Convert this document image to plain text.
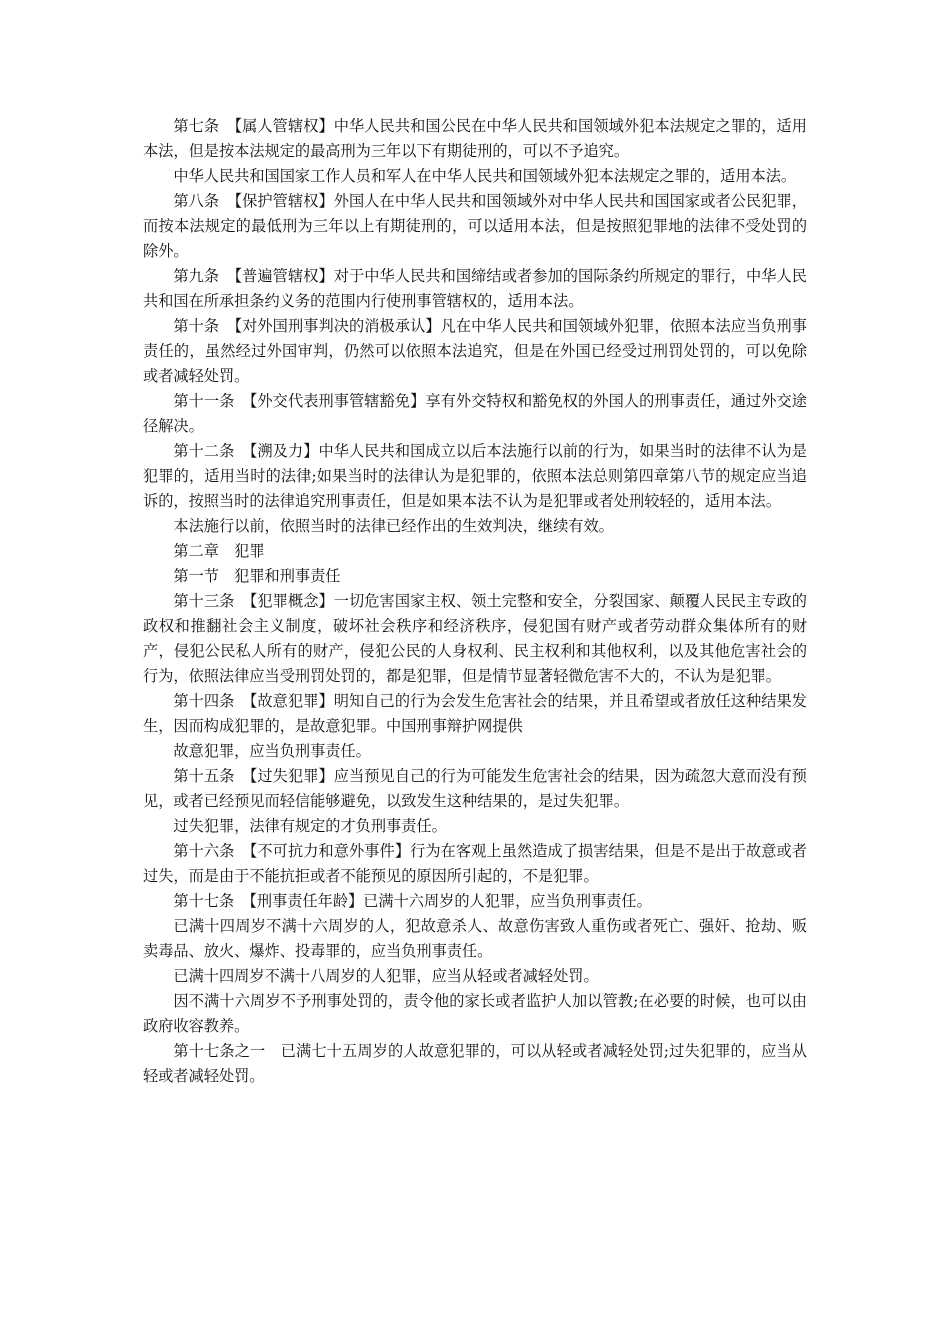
第七条　【属人管辖权】中华人民共和国公民在中华人民共和国领域外犯本法规定之罪的，适用本法，但是按本法规定的最高刑为三年以下有期徒刑的，可以不予追究。

中华人民共和国国家工作人员和军人在中华人民共和国领域外犯本法规定之罪的，适用本法。

第八条　【保护管辖权】外国人在中华人民共和国领域外对中华人民共和国国家或者公民犯罪，而按本法规定的最低刑为三年以上有期徒刑的，可以适用本法，但是按照犯罪地的法律不受处罚的除外。

第九条　【普遍管辖权】对于中华人民共和国缔结或者参加的国际条约所规定的罪行，中华人民共和国在所承担条约义务的范围内行使刑事管辖权的，适用本法。

第十条　【对外国刑事判决的消极承认】凡在中华人民共和国领域外犯罪，依照本法应当负刑事责任的，虽然经过外国审判，仍然可以依照本法追究，但是在外国已经受过刑罚处罚的，可以免除或者减轻处罚。

第十一条　【外交代表刑事管辖豁免】享有外交特权和豁免权的外国人的刑事责任，通过外交途径解决。

第十二条　【溯及力】中华人民共和国成立以后本法施行以前的行为，如果当时的法律不认为是犯罪的，适用当时的法律;如果当时的法律认为是犯罪的，依照本法总则第四章第八节的规定应当追诉的，按照当时的法律追究刑事责任，但是如果本法不认为是犯罪或者处刑较轻的，适用本法。

本法施行以前，依照当时的法律已经作出的生效判决，继续有效。

第二章　犯罪

第一节　犯罪和刑事责任

第十三条　【犯罪概念】一切危害国家主权、领土完整和安全，分裂国家、颠覆人民民主专政的政权和推翻社会主义制度，破坏社会秩序和经济秩序，侵犯国有财产或者劳动群众集体所有的财产，侵犯公民私人所有的财产，侵犯公民的人身权利、民主权利和其他权利，以及其他危害社会的行为，依照法律应当受刑罚处罚的，都是犯罪，但是情节显著轻微危害不大的，不认为是犯罪。

第十四条　【故意犯罪】明知自己的行为会发生危害社会的结果，并且希望或者放任这种结果发生，因而构成犯罪的，是故意犯罪。中国刑事辩护网提供

故意犯罪，应当负刑事责任。

第十五条　【过失犯罪】应当预见自己的行为可能发生危害社会的结果，因为疏忽大意而没有预见，或者已经预见而轻信能够避免，以致发生这种结果的，是过失犯罪。

过失犯罪，法律有规定的才负刑事责任。

第十六条　【不可抗力和意外事件】行为在客观上虽然造成了损害结果，但是不是出于故意或者过失，而是由于不能抗拒或者不能预见的原因所引起的，不是犯罪。

第十七条　【刑事责任年龄】已满十六周岁的人犯罪，应当负刑事责任。

已满十四周岁不满十六周岁的人，犯故意杀人、故意伤害致人重伤或者死亡、强奸、抢劫、贩卖毒品、放火、爆炸、投毒罪的，应当负刑事责任。

已满十四周岁不满十八周岁的人犯罪，应当从轻或者减轻处罚。

因不满十六周岁不予刑事处罚的，责令他的家长或者监护人加以管教;在必要的时候，也可以由政府收容教养。

第十七条之一　已满七十五周岁的人故意犯罪的，可以从轻或者减轻处罚;过失犯罪的，应当从轻或者减轻处罚。
